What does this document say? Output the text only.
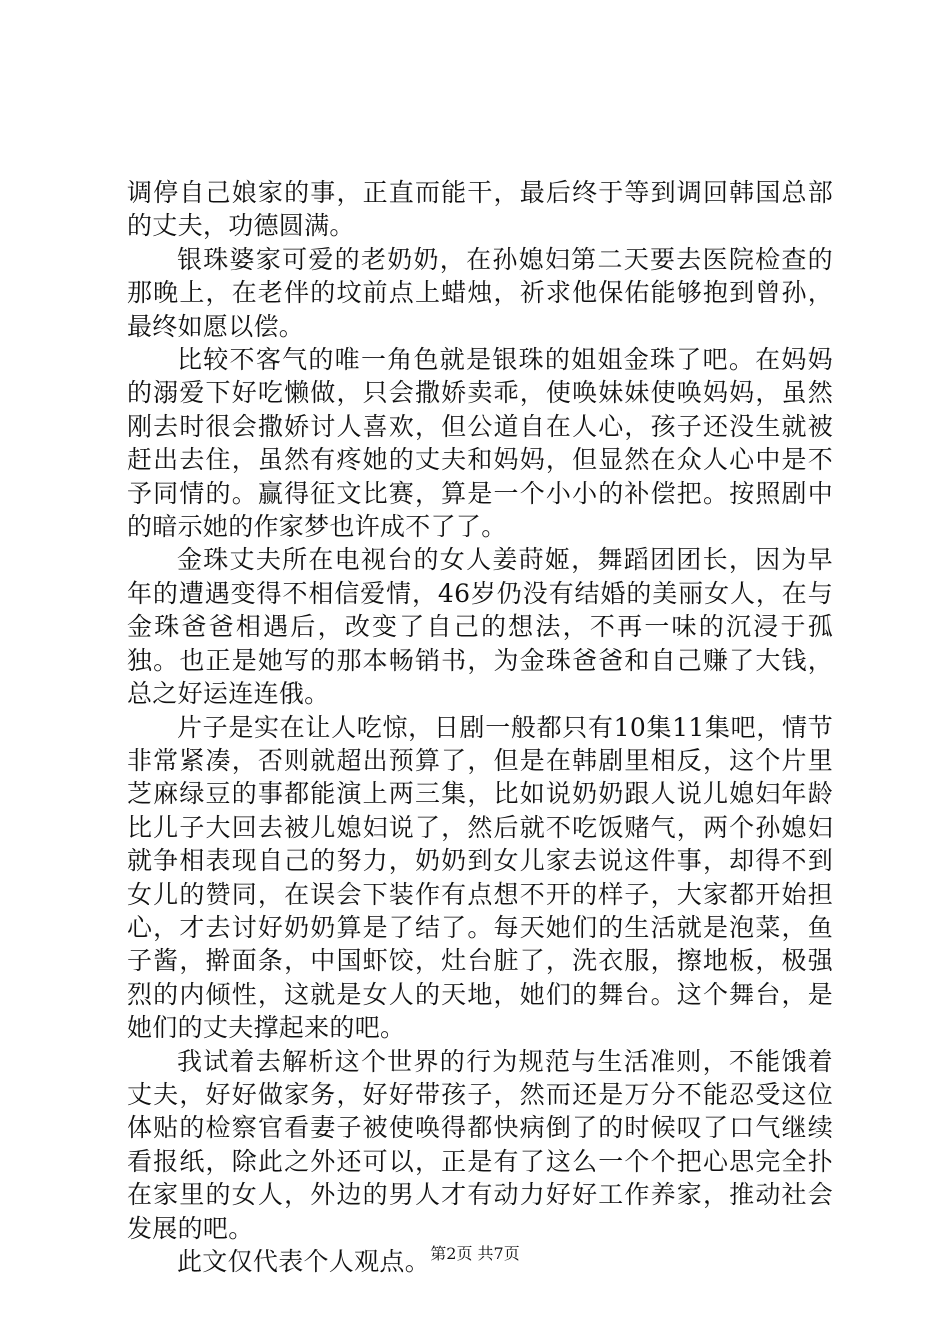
调停自己娘家的事，正直而能干，最后终于等到调回韩国总部的丈夫，功德圆满。

银珠婆家可爱的老奶奶，在孙媳妇第二天要去医院检查的那晚上，在老伴的坟前点上蜡烛，祈求他保佑能够抱到曾孙，最终如愿以偿。

比较不客气的唯一角色就是银珠的姐姐金珠了吧。在妈妈的溺爱下好吃懒做，只会撒娇卖乖，使唤妹妹使唤妈妈，虽然刚去时很会撒娇讨人喜欢，但公道自在人心，孩子还没生就被赶出去住，虽然有疼她的丈夫和妈妈，但显然在众人心中是不予同情的。赢得征文比赛，算是一个小小的补偿把。按照剧中的暗示她的作家梦也许成不了了。

金珠丈夫所在电视台的女人姜莳姬，舞蹈团团长，因为早年的遭遇变得不相信爱情，46岁仍没有结婚的美丽女人，在与金珠爸爸相遇后，改变了自己的想法，不再一味的沉浸于孤独。也正是她写的那本畅销书，为金珠爸爸和自己赚了大钱，总之好运连连俄。

片子是实在让人吃惊，日剧一般都只有10集11集吧，情节非常紧凑，否则就超出预算了，但是在韩剧里相反，这个片里芝麻绿豆的事都能演上两三集，比如说奶奶跟人说儿媳妇年龄比儿子大回去被儿媳妇说了，然后就不吃饭赌气，两个孙媳妇就争相表现自己的努力，奶奶到女儿家去说这件事，却得不到女儿的赞同，在误会下装作有点想不开的样子，大家都开始担心，才去讨好奶奶算是了结了。每天她们的生活就是泡菜，鱼子酱，擀面条，中国虾饺，灶台脏了，洗衣服，擦地板，极强烈的内倾性，这就是女人的天地，她们的舞台。这个舞台，是她们的丈夫撑起来的吧。

我试着去解析这个世界的行为规范与生活准则，不能饿着丈夫，好好做家务，好好带孩子，然而还是万分不能忍受这位体贴的检察官看妻子被使唤得都快病倒了的时候叹了口气继续看报纸，除此之外还可以，正是有了这么一个个把心思完全扑在家里的女人，外边的男人才有动力好好工作养家，推动社会发展的吧。

此文仅代表个人观点。 第2页 共7页
